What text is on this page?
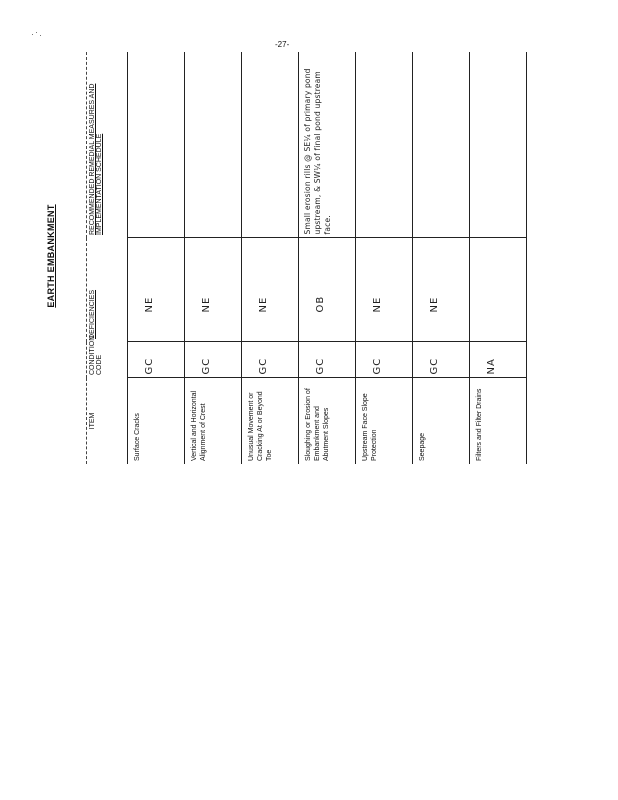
EARTH EMBANKMENT
ITEM	CONDITION CODE	DEFICIENCIES	RECOMMENDED REMEDIAL MEASURES AND IMPLEMENTATION SCHEDULE

Surface Cracks	GC	NE	

Vertical and Horizontal Alignment of Crest	GC	NE	

Unusual Movement or Cracking At or Beyond Toe	GC	NE	

Sloughing or Erosion of Embankment and Abutment Slopes	GC	OB	Small erosion rills @ SE¼ of primary pond upstream, & SW¼ of final pond upstream face.

Upstream Face Slope Protection	GC	NE	

Seepage	GC	NE	

Filters and Filter Drains	NA		

-27-
